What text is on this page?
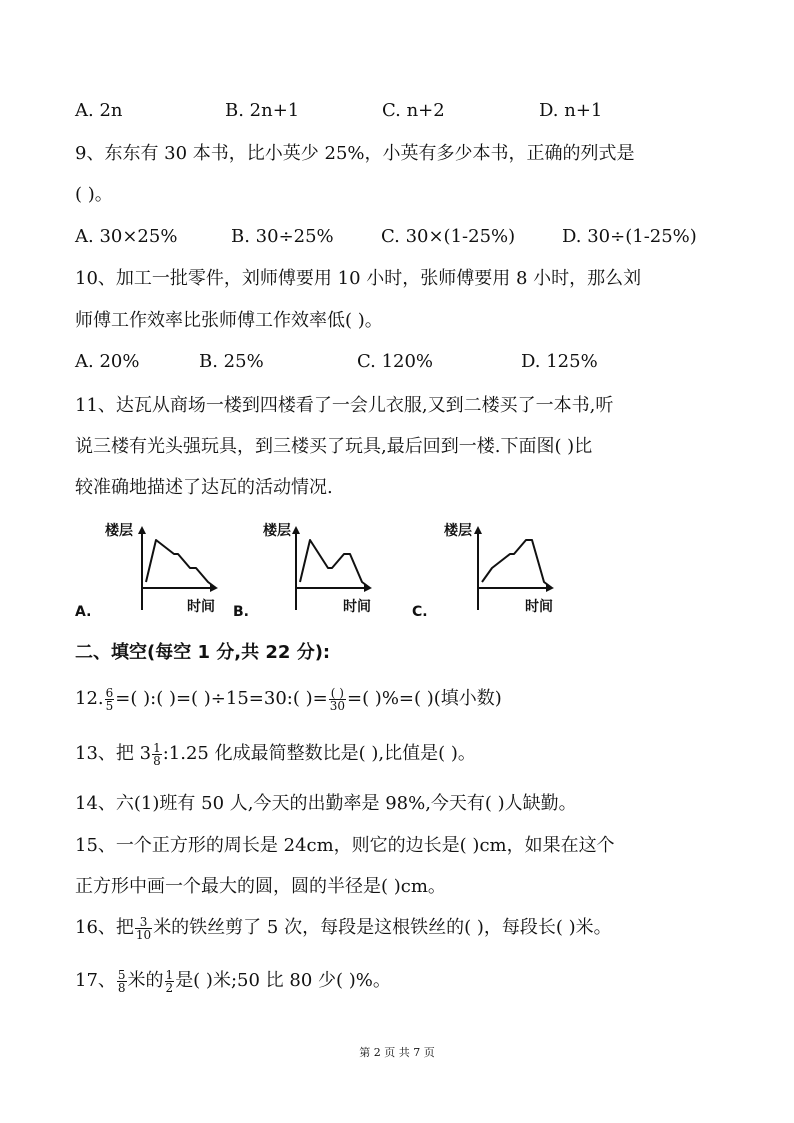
A. 2n	B. 2n+1	C. n+2	D. n+1
9、东东有 30 本书，比小英少 25%，小英有多少本书，正确的列式是
( )。
A. 30×25%	B. 30÷25%	C. 30×(1-25%)	D. 30÷(1-25%)
10、加工一批零件，刘师傅要用 10 小时，张师傅要用 8 小时，那么刘
师傅工作效率比张师傅工作效率低( )。
A. 20%	B. 25%	C. 120%	D. 125%
11、达瓦从商场一楼到四楼看了一会儿衣服,又到二楼买了一本书,听
说三楼有光头强玩具，到三楼买了玩具,最后回到一楼.下面图( )比
较准确地描述了达瓦的活动情况.
楼层
时间
A.
楼层
时间
B.
楼层
时间
C.
二、填空(每空 1 分,共 22 分):
12. $\frac{6}{5}$ =( ):( )=( )÷15=30:( )= $\frac{( )}{30}$ =( )%=( )(填小数)
13、把 $3 \frac{1}{8}$ :1.25 化成最简整数比是( ),比值是( )。
14、六(1)班有 50 人,今天的出勤率是 98%,今天有( )人缺勤。
15、一个正方形的周长是 24cm，则它的边长是( )cm，如果在这个
正方形中画一个最大的圆，圆的半径是( )cm。
16、把 $\frac{3}{10}$ 米的铁丝剪了 5 次，每段是这根铁丝的( )，每段长( )米。
17、 $\frac{5}{8}$ 米的 $\frac{1}{2}$ 是( )米;50 比 80 少( )%。
第 2 页 共 7 页
